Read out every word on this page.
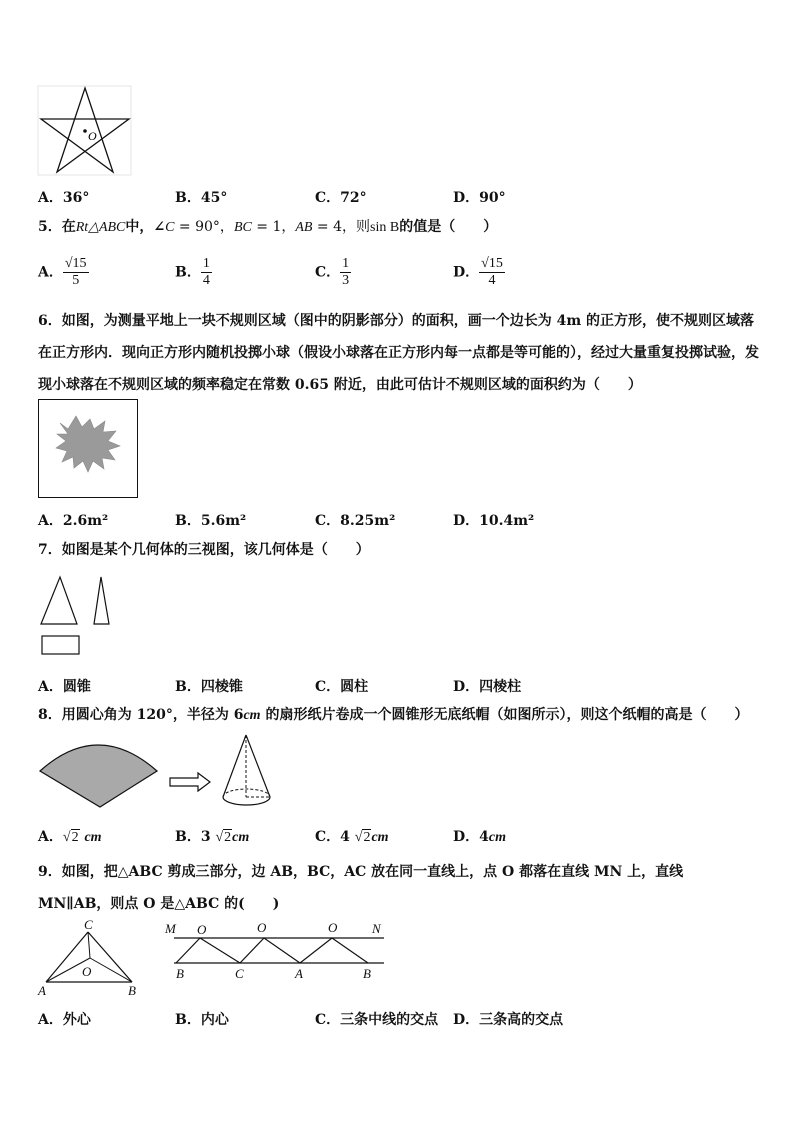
O
A．36°	B．45°	C．72°	D．90°
5．在Rt△ABC中，∠C = 90°，BC = 1，AB = 4，则sin B的值是（　　）
A． $\frac{√15}{5}$	B． $\frac{1}{4}$	C． $\frac{1}{3}$	D． $\frac{√15}{4}$
6．如图，为测量平地上一块不规则区域（图中的阴影部分）的面积，画一个边长为 4m 的正方形，使不规则区域落在正方形内．现向正方形内随机投掷小球（假设小球落在正方形内每一点都是等可能的），经过大量重复投掷试验，发现小球落在不规则区域的频率稳定在常数 0.65 附近，由此可估计不规则区域的面积约为（　　）
A．2.6m²	B．5.6m²	C．8.25m²	D．10.4m²
7．如图是某个几何体的三视图，该几何体是（　　）
A．圆锥	B．四棱锥	C．圆柱	D．四棱柱
8．用圆心角为 120°，半径为 6cm 的扇形纸片卷成一个圆锥形无底纸帽（如图所示），则这个纸帽的高是（　　）
A．√2 cm	B．3 √2cm	C．4 √2cm	D．4cm
9．如图，把△ABC 剪成三部分，边 AB，BC，AC 放在同一直线上，点 O 都落在直线 MN 上，直线 MN∥AB，则点 O 是△ABC 的(　　)
C
O
A	B
M O	O	O	N
B	C	A	B
A．外心	B．内心	C．三条中线的交点 D．三条高的交点
